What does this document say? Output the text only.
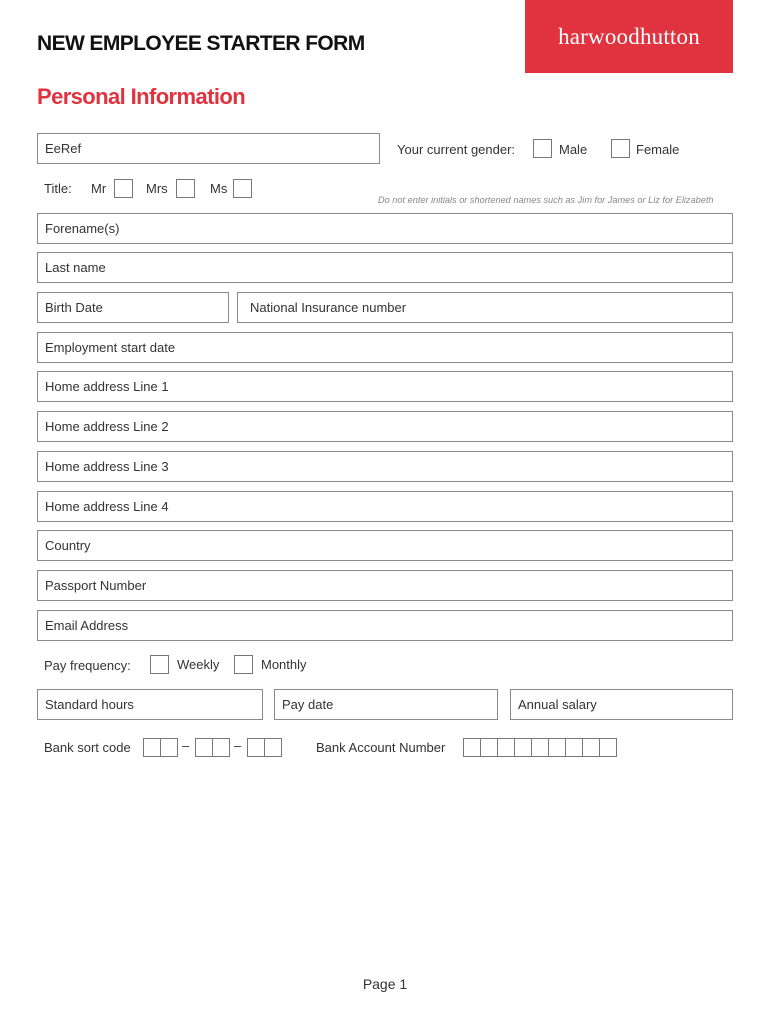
harwoodhutton
NEW EMPLOYEE STARTER FORM
Personal Information
EeRef	Your current gender:	Male	Female
Title: Mr	Mrs	Ms
Do not enter initials or shortened names such as Jim for James or Liz for Elizabeth
Forename(s)
Last name
Birth Date	National Insurance number
Employment start date
Home address Line 1
Home address Line 2
Home address Line 3
Home address Line 4
Country
Passport Number
Email Address
Pay frequency:	Weekly	Monthly
Standard hours	Pay date	Annual salary
Bank sort code	–	–	Bank Account Number
Page 1
